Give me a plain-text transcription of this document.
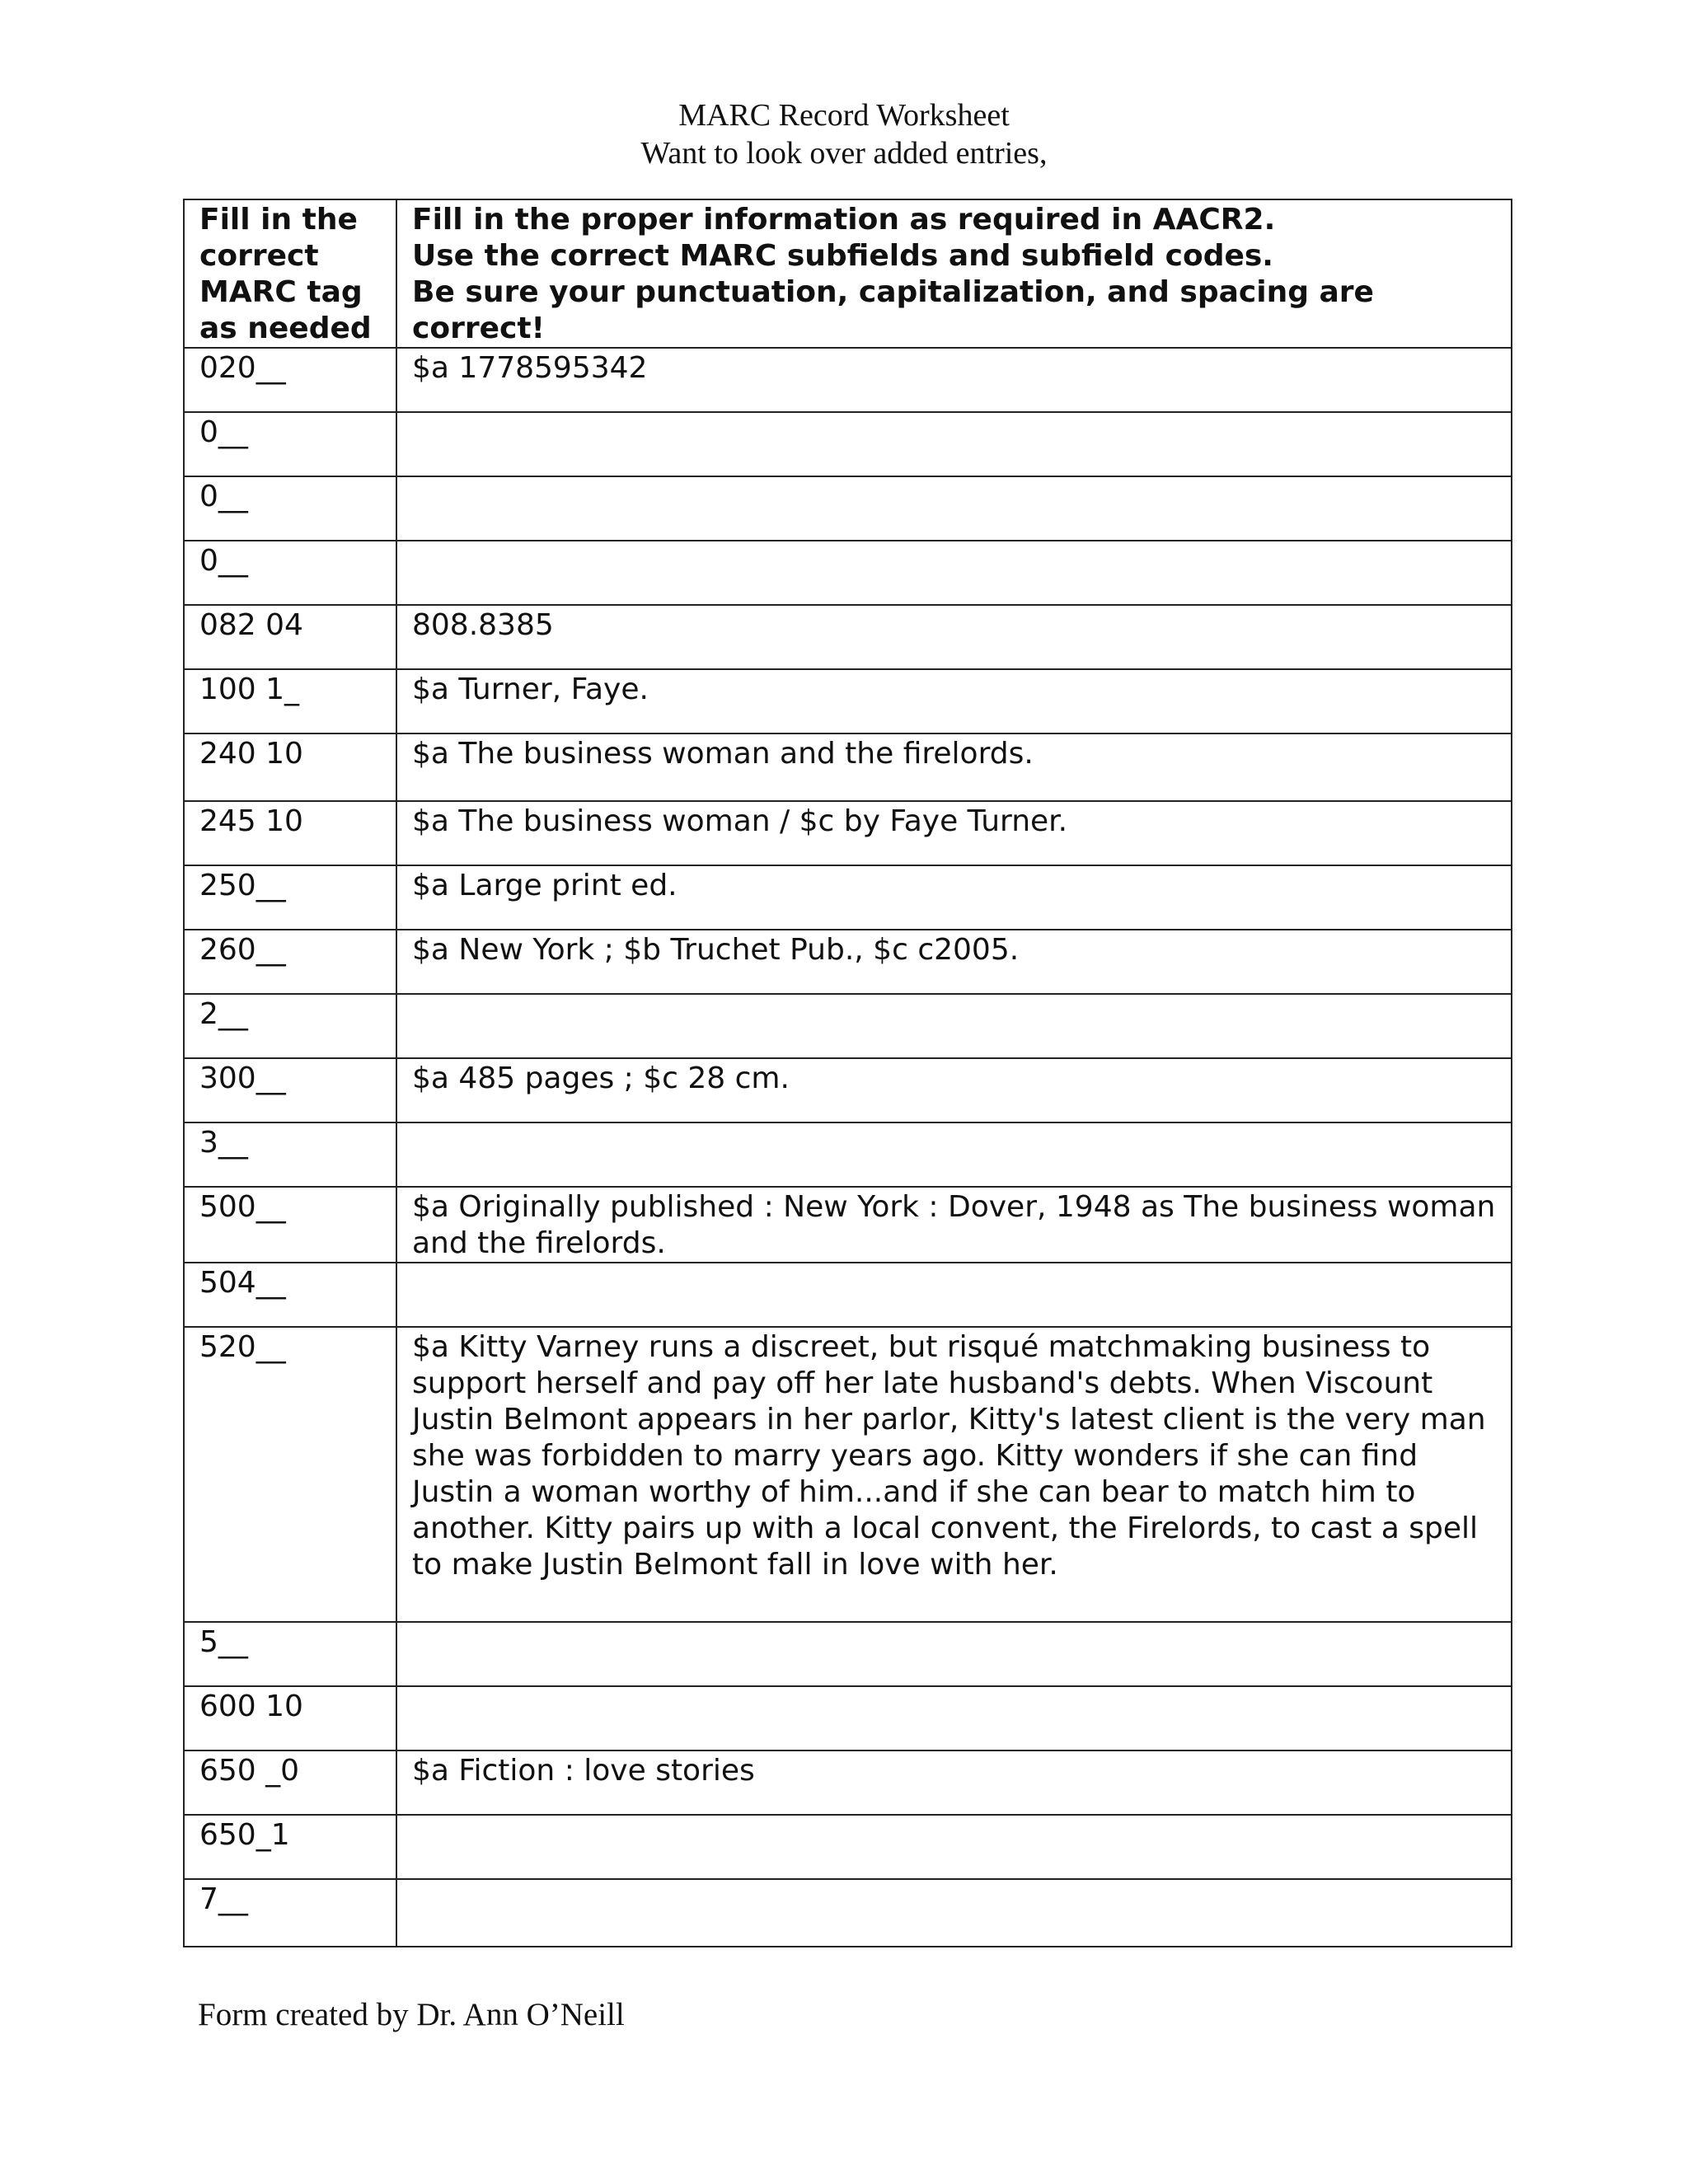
MARC Record Worksheet
Want to look over added entries,
Fill in the correct MARC tag as needed	Fill in the proper information as required in AACR2.
Use the correct MARC subfields and subfield codes.
Be sure your punctuation, capitalization, and spacing are correct!
020__	$a 1778595342
0__	
0__	
0__	
082 04	808.8385
100 1_	$a Turner, Faye.
240 10	$a The business woman and the firelords.
245 10	$a The business woman / $c by Faye Turner.
250__	$a Large print ed.
260__	$a New York ; $b Truchet Pub., $c c2005.
2__	
300__	$a 485 pages ; $c 28 cm.
3__	
500__	$a Originally published : New York : Dover, 1948 as The business woman and the firelords.
504__	
520__	$a Kitty Varney runs a discreet, but risqué matchmaking business to support herself and pay off her late husband's debts. When Viscount Justin Belmont appears in her parlor, Kitty's latest client is the very man she was forbidden to marry years ago. Kitty wonders if she can find Justin a woman worthy of him...and if she can bear to match him to another. Kitty pairs up with a local convent, the Firelords, to cast a spell to make Justin Belmont fall in love with her.
5__	
600 10	
650 _0	$a Fiction : love stories
650_1	
7__	
Form created by Dr. Ann O’Neill
